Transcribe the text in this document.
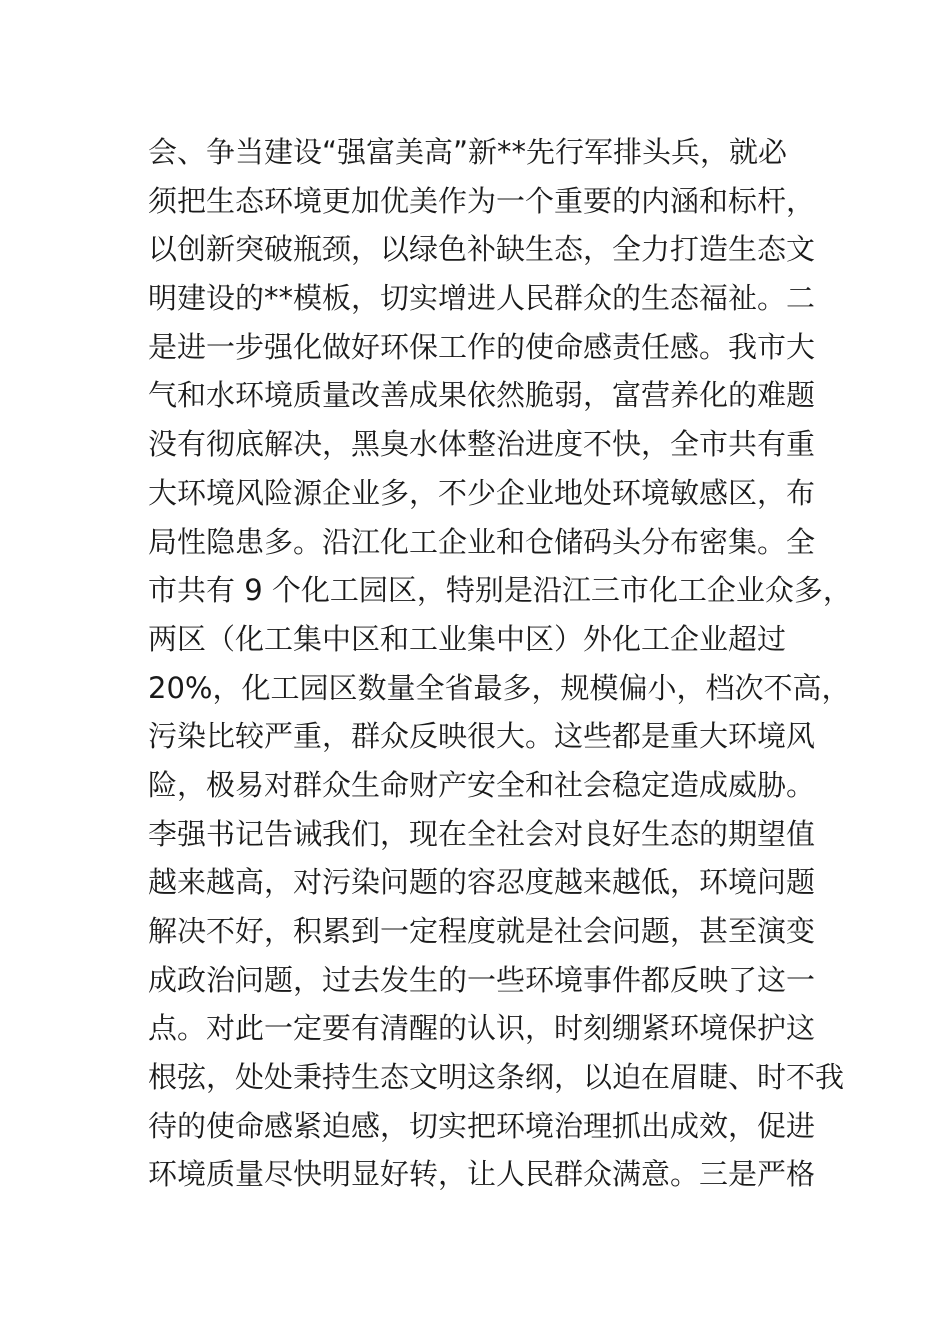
会、争当建设“强富美高”新**先行军排头兵，就必
须把生态环境更加优美作为一个重要的内涵和标杆，
以创新突破瓶颈，以绿色补缺生态，全力打造生态文
明建设的**模板，切实增进人民群众的生态福祉。二
是进一步强化做好环保工作的使命感责任感。我市大
气和水环境质量改善成果依然脆弱，富营养化的难题
没有彻底解决，黑臭水体整治进度不快，全市共有重
大环境风险源企业多，不少企业地处环境敏感区，布
局性隐患多。沿江化工企业和仓储码头分布密集。全
市共有 9 个化工园区，特别是沿江三市化工企业众多，
两区（化工集中区和工业集中区）外化工企业超过
20%，化工园区数量全省最多，规模偏小，档次不高，
污染比较严重，群众反映很大。这些都是重大环境风
险，极易对群众生命财产安全和社会稳定造成威胁。
李强书记告诫我们，现在全社会对良好生态的期望值
越来越高，对污染问题的容忍度越来越低，环境问题
解决不好，积累到一定程度就是社会问题，甚至演变
成政治问题，过去发生的一些环境事件都反映了这一
点。对此一定要有清醒的认识，时刻绷紧环境保护这
根弦，处处秉持生态文明这条纲，以迫在眉睫、时不我
待的使命感紧迫感，切实把环境治理抓出成效，促进
环境质量尽快明显好转，让人民群众满意。三是严格
